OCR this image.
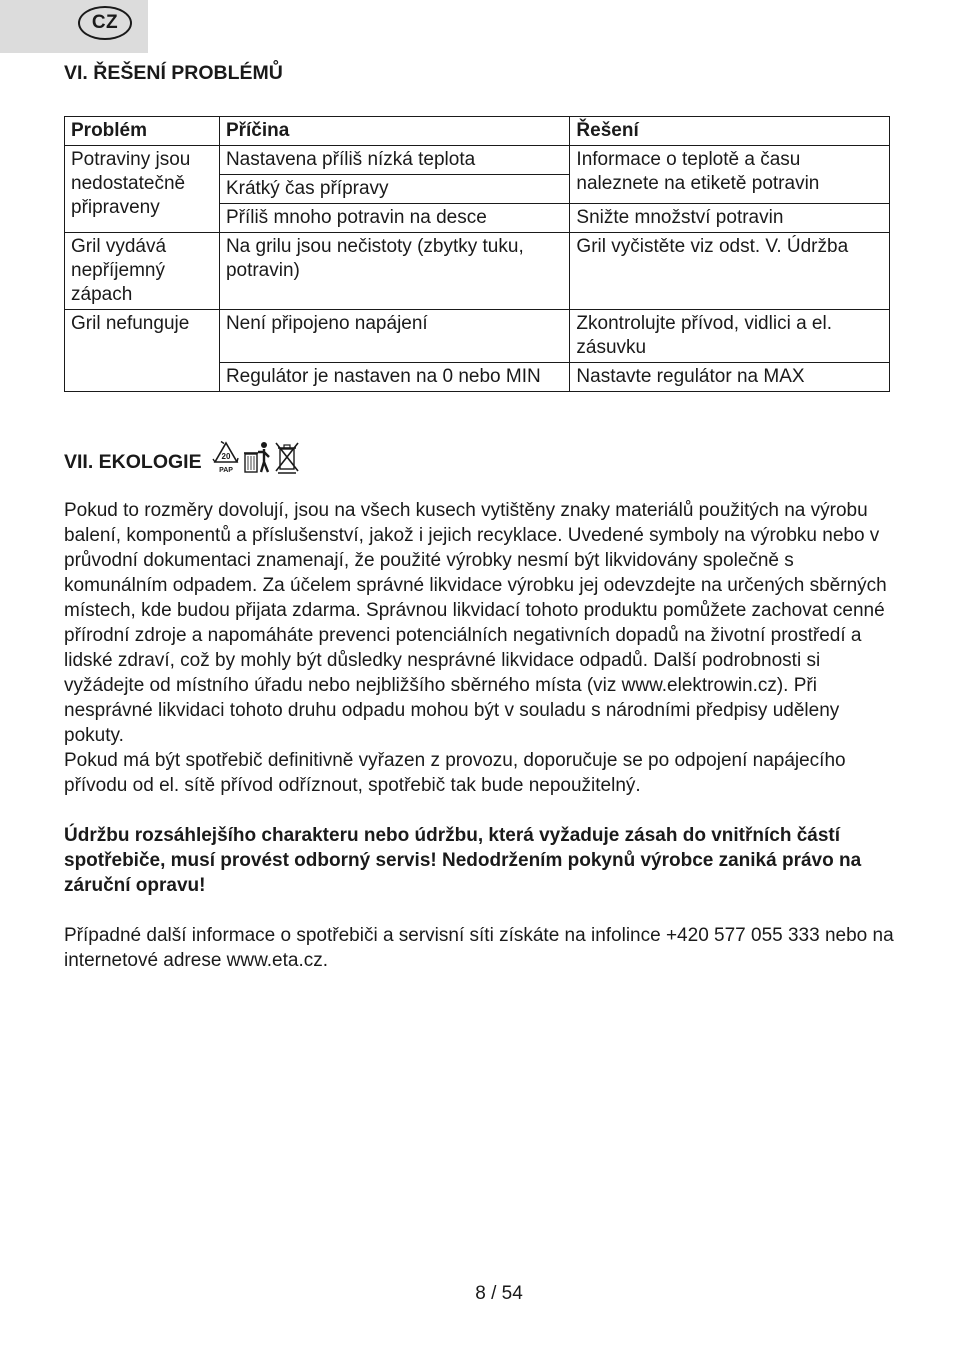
CZ
VI. ŘEŠENÍ PROBLÉMŮ
Problém	Příčina	Řešení
Potraviny jsou nedostatečně připraveny	Nastavena příliš nízká teplota	Informace o teplotě a času naleznete na etiketě potravin
	Krátký čas přípravy	
	Příliš mnoho potravin na desce	Snižte množství potravin
Gril vydává nepříjemný zápach	Na grilu jsou nečistoty (zbytky tuku, potravin)	Gril vyčistěte viz odst. V. Údržba
Gril nefunguje	Není připojeno napájení	Zkontrolujte přívod, vidlici a el. zásuvku
	Regulátor je nastaven na 0 nebo MIN	Nastavte regulátor na MAX
VII. EKOLOGIE 20
PAP

Pokud to rozměry dovolují, jsou na všech kusech vytištěny znaky materiálů použitých na výrobu balení, komponentů a příslušenství, jakož i jejich recyklace. Uvedené symboly na výrobku nebo v průvodní dokumentaci znamenají, že použité výrobky nesmí být likvidovány společně s komunálním odpadem. Za účelem správné likvidace výrobku jej odevzdejte na určených sběrných místech, kde budou přijata zdarma. Správnou likvidací tohoto produktu pomůžete zachovat cenné přírodní zdroje a napomáháte prevenci potenciálních negativních dopadů na životní prostředí a lidské zdraví, což by mohly být důsledky nesprávné likvidace odpadů. Další podrobnosti si vyžádejte od místního úřadu nebo nejbližšího sběrného místa (viz www.elektrowin.cz). Při nesprávné likvidaci tohoto druhu odpadu mohou být v souladu s národními předpisy uděleny pokuty.

Pokud má být spotřebič definitivně vyřazen z provozu, doporučuje se po odpojení napájecího přívodu od el. sítě přívod odříznout, spotřebič tak bude nepoužitelný.

Údržbu rozsáhlejšího charakteru nebo údržbu, která vyžaduje zásah do vnitřních částí spotřebiče, musí provést odborný servis! Nedodržením pokynů výrobce zaniká právo na záruční opravu!

Případné další informace o spotřebiči a servisní síti získáte na infolince +420 577 055 333 nebo na internetové adrese www.eta.cz.

8 / 54
